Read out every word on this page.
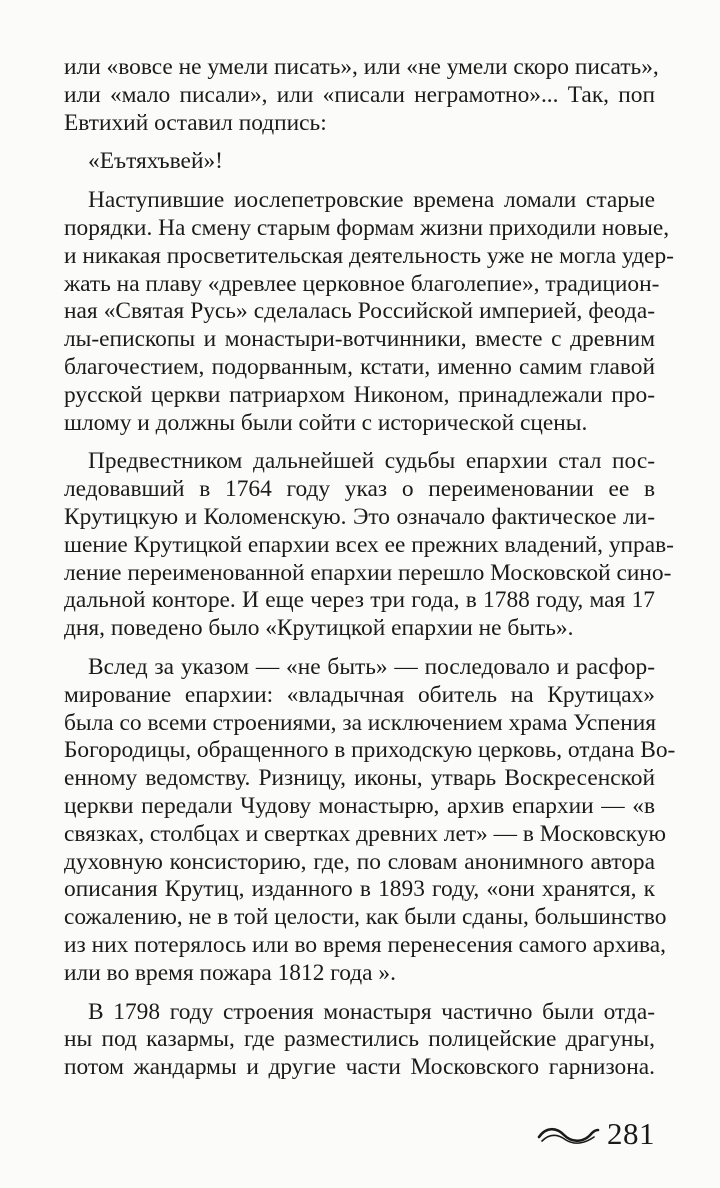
или «вовсе не умели писать», или «не умели скоро писать»,
или «мало писали», или «писали неграмотно»... Так, поп
Евтихий оставил подпись:
«Еътяхъвей»!
Наступившие иослепетровские времена ломали старые
порядки. На смену старым формам жизни приходили новые,
и никакая просветительская деятельность уже не могла удер-
жать на плаву «древлее церковное благолепие», традицион-
ная «Святая Русь» сделалась Российской империей, феода-
лы-епископы и монастыри-вотчинники, вместе с древним
благочестием, подорванным, кстати, именно самим главой
русской церкви патриархом Никоном, принадлежали про-
шлому и должны были сойти с исторической сцены.
Предвестником дальнейшей судьбы епархии стал пос-
ледовавший в 1764 году указ о переименовании ее в
Крутицкую и Коломенскую. Это означало фактическое ли-
шение Крутицкой епархии всех ее прежних владений, управ-
ление переименованной епархии перешло Московской сино-
дальной конторе. И еще через три года, в 1788 году, мая 17
дня, поведено было «Крутицкой епархии не быть».
Вслед за указом — «не быть» — последовало и расфор-
мирование епархии: «владычная обитель на Крутицах»
была со всеми строениями, за исключением храма Успения
Богородицы, обращенного в приходскую церковь, отдана Во-
енному ведомству. Ризницу, иконы, утварь Воскресенской
церкви передали Чудову монастырю, архив епархии — «в
связках, столбцах и свертках древних лет» — в Московскую
духовную консисторию, где, по словам анонимного автора
описания Крутиц, изданного в 1893 году, «они хранятся, к
сожалению, не в той целости, как были сданы, большинство
из них потерялось или во время перенесения самого архива,
или во время пожара 1812 года ».
В 1798 году строения монастыря частично были отда-
ны под казармы, где разместились полицейские драгуны,
потом жандармы и другие части Московского гарнизона.
281
